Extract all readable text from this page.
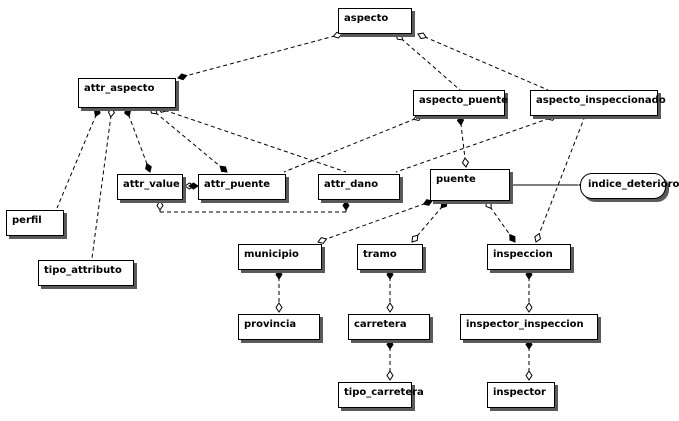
aspecto
attr_aspecto
aspecto_puente	aspecto_inspeccionado
attr_value	attr_puente	attr_dano	puente	indice_deterioro
perfil
tipo_attributo
municipio	tramo	inspeccion
provincia	carretera	inspector_inspeccion
tipo_carretera	inspector
